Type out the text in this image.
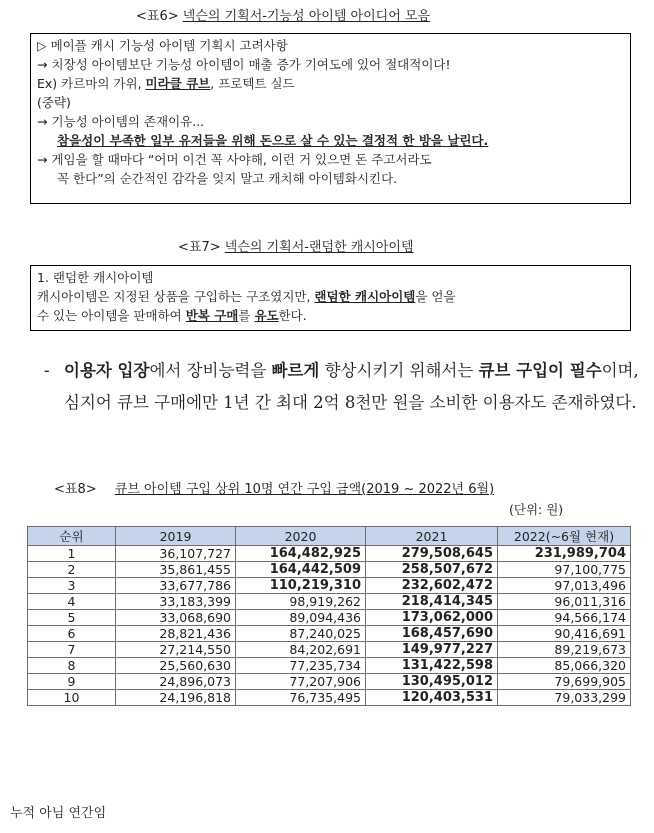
<표6> 넥슨의 기획서-기능성 아이템 아이디어 모음
▷ 메이플 캐시 기능성 아이템 기획시 고려사항
→ 치장성 아이템보단 기능성 아이템이 매출 증가 기여도에 있어 절대적이다!
Ex) 카르마의 가위, 미라클 큐브, 프로텍트 실드
(중략)
→ 기능성 아이템의 존재이유...
참을성이 부족한 일부 유저들을 위해 돈으로 살 수 있는 결정적 한 방을 날린다.
→ 게임을 할 때마다 “어머 이건 꼭 사야해, 이런 거 있으면 돈 주고서라도
꼭 한다”의 순간적인 감각을 잊지 말고 캐치해 아이템화시킨다.
<표7> 넥슨의 기획서-랜덤한 캐시아이템
1. 랜덤한 캐시아이템
캐시아이템은 지정된 상품을 구입하는 구조였지만, 랜덤한 캐시아이템을 얻을
수 있는 아이템을 판매하여 반복 구매를 유도한다.
- 이용자 입장에서 장비능력을 빠르게 향상시키기 위해서는 큐브 구입이 필수이며, 심지어 큐브 구매에만 1년 간 최대 2억 8천만 원을 소비한 이용자도 존재하였다.
<표8> 큐브 아이템 구입 상위 10명 연간 구입 금액(2019 ~ 2022년 6월)
(단위: 원)
순위	2019	2020	2021	2022(~6월 현재)
1	36,107,727	164,482,925	279,508,645	231,989,704
2	35,861,455	164,442,509	258,507,672	97,100,775
3	33,677,786	110,219,310	232,602,472	97,013,496
4	33,183,399	98,919,262	218,414,345	96,011,316
5	33,068,690	89,094,436	173,062,000	94,566,174
6	28,821,436	87,240,025	168,457,690	90,416,691
7	27,214,550	84,202,691	149,977,227	89,219,673
8	25,560,630	77,235,734	131,422,598	85,066,320
9	24,896,073	77,207,906	130,495,012	79,699,905
10	24,196,818	76,735,495	120,403,531	79,033,299
누적 아님 연간임
